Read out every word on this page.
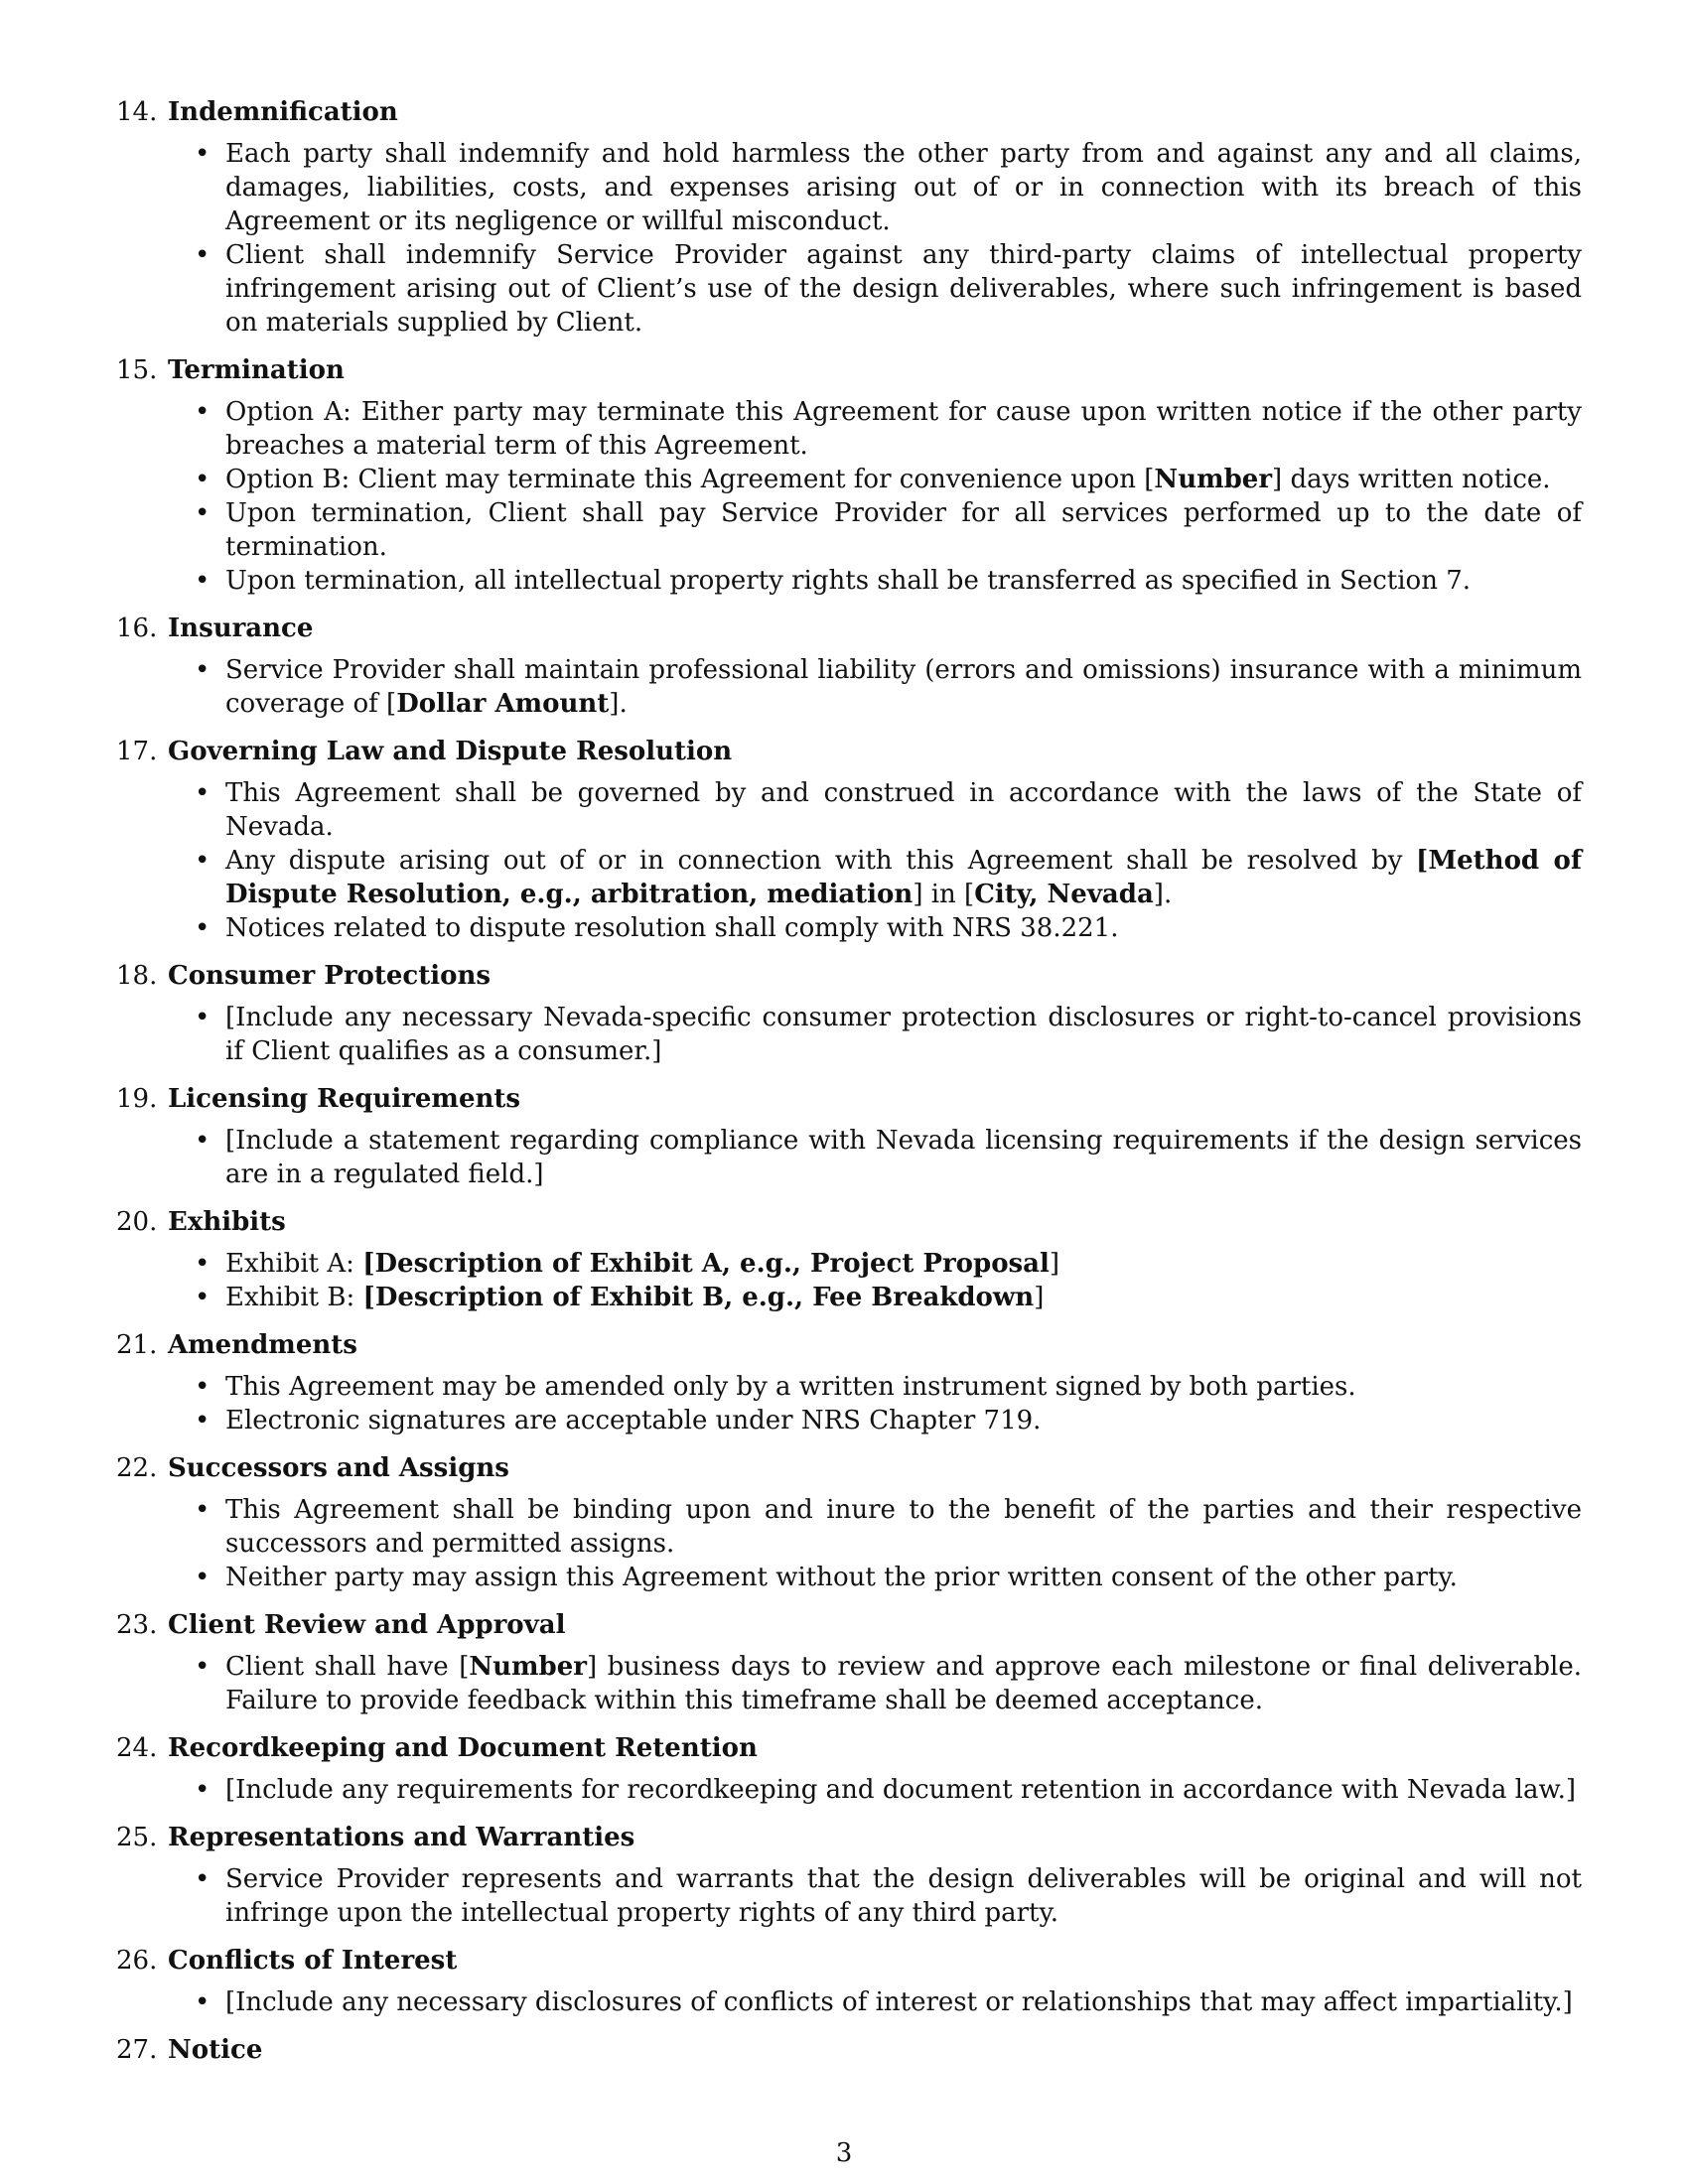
14. Indemnification
• Each party shall indemnify and hold harmless the other party from and against any and all claims, damages, liabilities, costs, and expenses arising out of or in connection with its breach of this Agreement or its negligence or willful misconduct.
• Client shall indemnify Service Provider against any third-party claims of intellectual property infringement arising out of Client’s use of the design deliverables, where such infringement is based on materials supplied by Client.
15. Termination
• Option A: Either party may terminate this Agreement for cause upon written notice if the other party breaches a material term of this Agreement.
• Option B: Client may terminate this Agreement for convenience upon [Number] days written notice.
• Upon termination, Client shall pay Service Provider for all services performed up to the date of termination.
• Upon termination, all intellectual property rights shall be transferred as specified in Section 7.
16. Insurance
• Service Provider shall maintain professional liability (errors and omissions) insurance with a minimum coverage of [Dollar Amount].
17. Governing Law and Dispute Resolution
• This Agreement shall be governed by and construed in accordance with the laws of the State of Nevada.
• Any dispute arising out of or in connection with this Agreement shall be resolved by [Method of Dispute Resolution, e.g., arbitration, mediation] in [City, Nevada].
• Notices related to dispute resolution shall comply with NRS 38.221.
18. Consumer Protections
• [Include any necessary Nevada-specific consumer protection disclosures or right-to-cancel provisions if Client qualifies as a consumer.]
19. Licensing Requirements
• [Include a statement regarding compliance with Nevada licensing requirements if the design services are in a regulated field.]
20. Exhibits
• Exhibit A: [Description of Exhibit A, e.g., Project Proposal]
• Exhibit B: [Description of Exhibit B, e.g., Fee Breakdown]
21. Amendments
• This Agreement may be amended only by a written instrument signed by both parties.
• Electronic signatures are acceptable under NRS Chapter 719.
22. Successors and Assigns
• This Agreement shall be binding upon and inure to the benefit of the parties and their respective successors and permitted assigns.
• Neither party may assign this Agreement without the prior written consent of the other party.
23. Client Review and Approval
• Client shall have [Number] business days to review and approve each milestone or final deliverable. Failure to provide feedback within this timeframe shall be deemed acceptance.
24. Recordkeeping and Document Retention
• [Include any requirements for recordkeeping and document retention in accordance with Nevada law.]
25. Representations and Warranties
• Service Provider represents and warrants that the design deliverables will be original and will not infringe upon the intellectual property rights of any third party.
26. Conflicts of Interest
• [Include any necessary disclosures of conflicts of interest or relationships that may affect impartiality.]
27. Notice
3
